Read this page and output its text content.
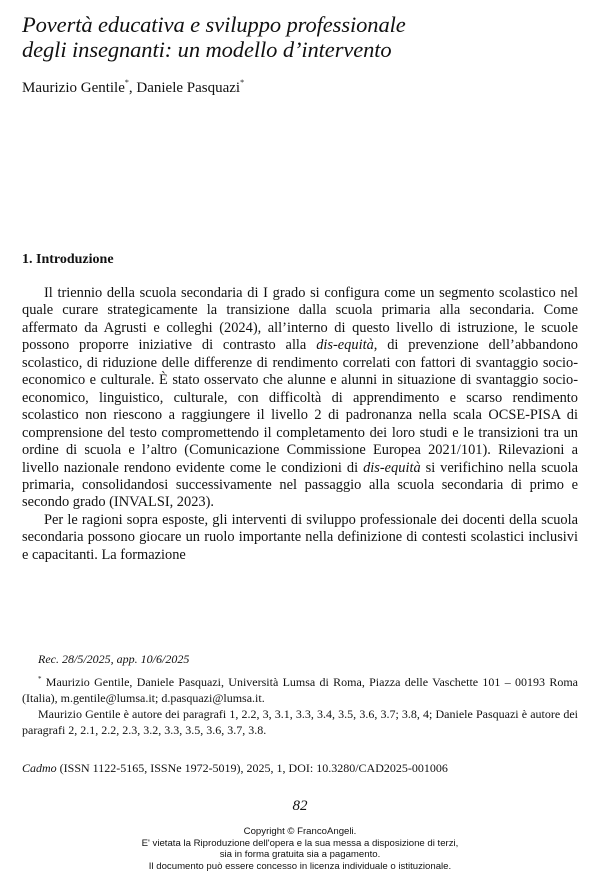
Povertà educativa e sviluppo professionale
degli insegnanti: un modello d’intervento
Maurizio Gentile*, Daniele Pasquazi*
1. Introduzione

Il triennio della scuola secondaria di I grado si configura come un segmento scolastico nel quale curare strategicamente la transizione dalla scuola primaria alla secondaria. Come affermato da Agrusti e colleghi (2024), all’interno di questo livello di istruzione, le scuole possono proporre iniziative di contrasto alla dis-equità, di prevenzione dell’abbandono scolastico, di riduzione delle differenze di rendimento correlati con fattori di svantaggio socio-economico e culturale. È stato osservato che alunne e alunni in situazione di svantaggio socio-economico, linguistico, culturale, con difficoltà di apprendimento e scarso rendimento scolastico non riescono a raggiungere il livello 2 di padronanza nella scala OCSE-PISA di comprensione del testo compromettendo il completamento dei loro studi e le transizioni tra un ordine di scuola e l’altro (Comunicazione Commissione Europea 2021/101). Rilevazioni a livello nazionale rendono evidente come le condizioni di dis-equità si verifichino nella scuola primaria, consolidandosi successivamente nel passaggio alla scuola secondaria di primo e secondo grado (INVALSI, 2023).

Per le ragioni sopra esposte, gli interventi di sviluppo professionale dei docenti della scuola secondaria possono giocare un ruolo importante nella definizione di contesti scolastici inclusivi e capacitanti. La formazione

Rec. 28/5/2025, app. 10/6/2025

* Maurizio Gentile, Daniele Pasquazi, Università Lumsa di Roma, Piazza delle Vaschette 101 – 00193 Roma (Italia), m.gentile@lumsa.it; d.pasquazi@lumsa.it.

Maurizio Gentile è autore dei paragrafi 1, 2.2, 3, 3.1, 3.3, 3.4, 3.5, 3.6, 3.7; 3.8, 4; Daniele Pasquazi è autore dei paragrafi 2, 2.1, 2.2, 2.3, 3.2, 3.3, 3.5, 3.6, 3.7, 3.8.

Cadmo (ISSN 1122-5165, ISSNe 1972-5019), 2025, 1, DOI: 10.3280/CAD2025-001006
82
Copyright © FrancoAngeli.
E' vietata la Riproduzione dell'opera e la sua messa a disposizione di terzi,
sia in forma gratuita sia a pagamento.
Il documento può essere concesso in licenza individuale o istituzionale.
